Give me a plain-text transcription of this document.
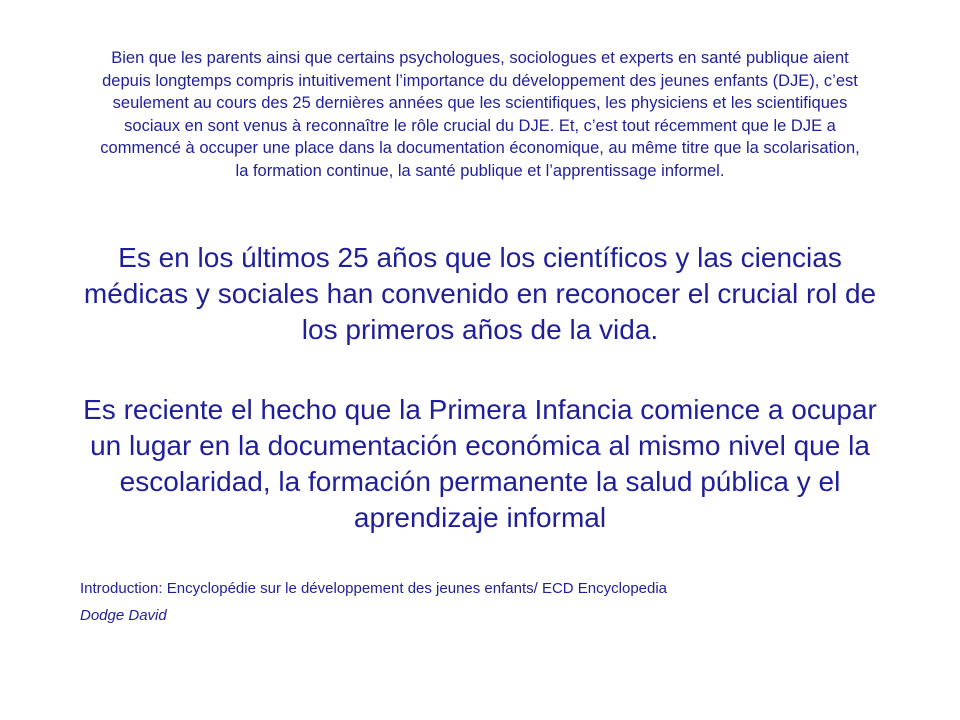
Bien que les parents ainsi que certains psychologues, sociologues et experts en santé publique aient depuis longtemps compris intuitivement l’importance du développement des jeunes enfants (DJE), c’est seulement au cours des 25 dernières années que les scientifiques, les physiciens et les scientifiques sociaux en sont venus à reconnaître le rôle crucial du DJE. Et, c’est tout récemment que le DJE a commencé à occuper une place dans la documentation économique, au même titre que la scolarisation, la formation continue, la santé publique et l’apprentissage informel.

Es en los últimos 25 años que los científicos y las ciencias médicas y sociales han convenido en reconocer el crucial rol de los primeros años de la vida.

Es reciente el hecho que la Primera Infancia comience a ocupar un lugar en la documentación económica al mismo nivel que la escolaridad, la formación permanente la salud pública y el aprendizaje informal

Introduction: Encyclopédie sur le développement des jeunes enfants/ ECD Encyclopedia

Dodge David
